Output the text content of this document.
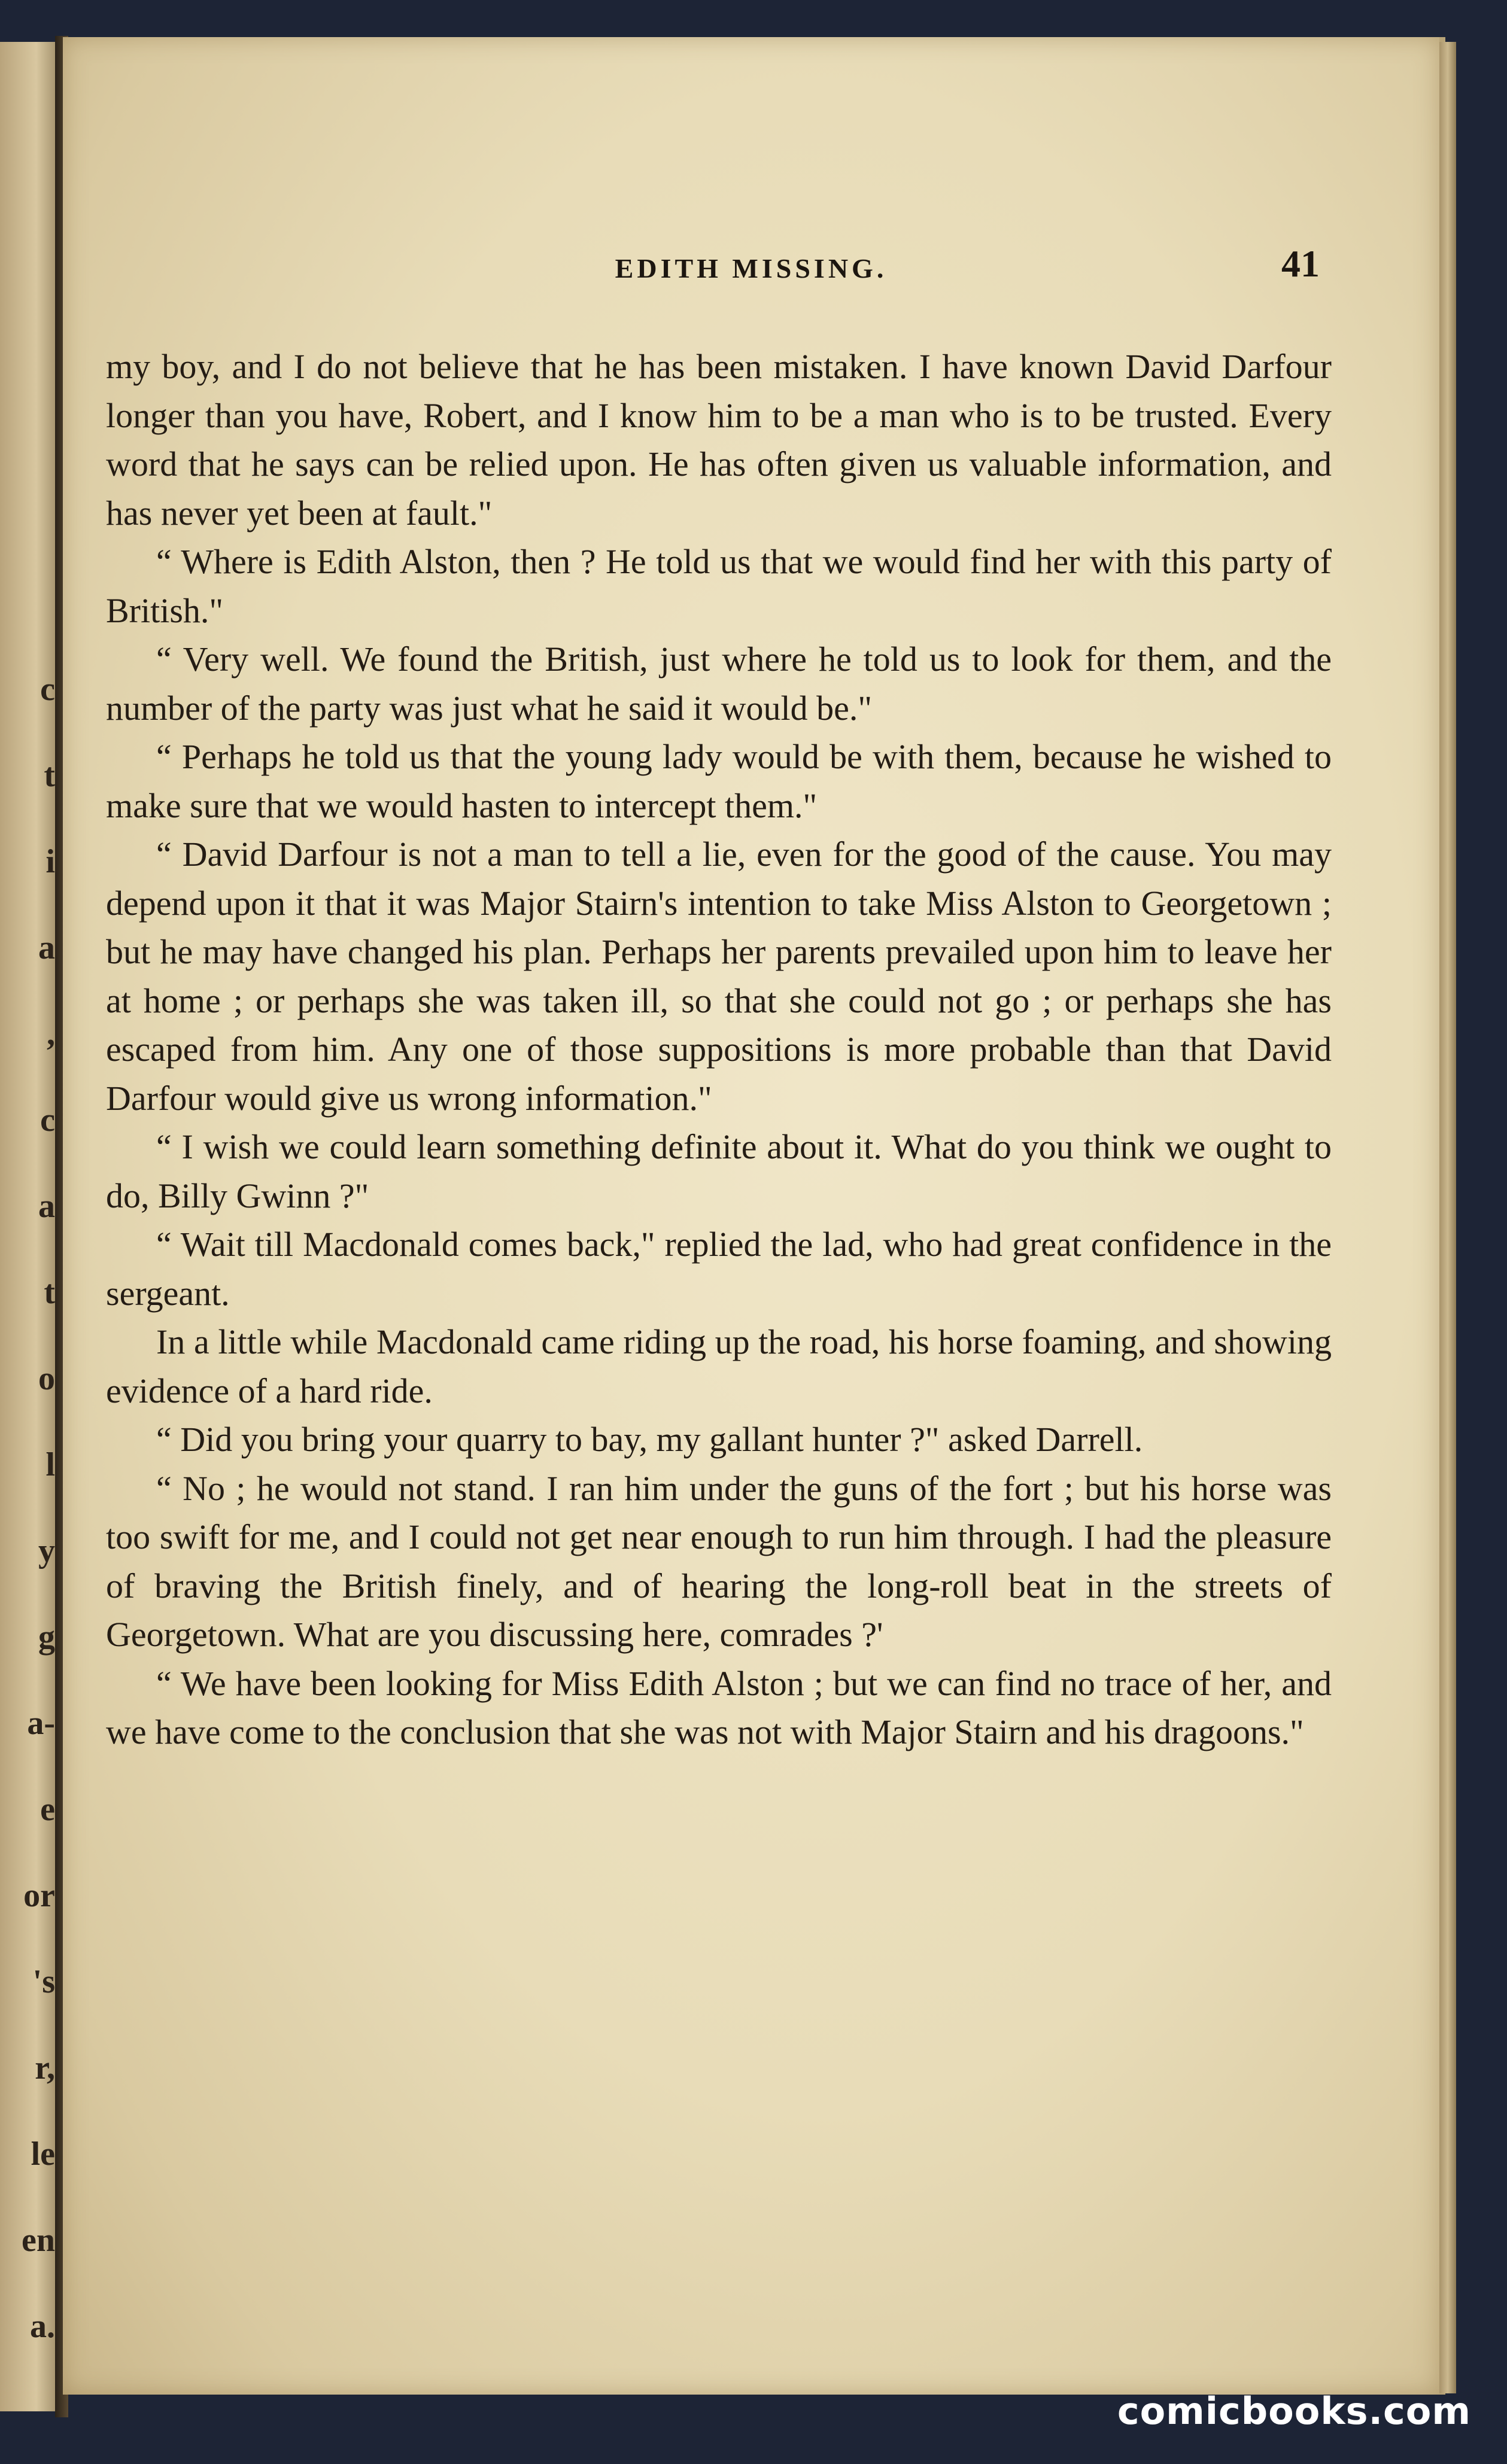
c
t
i
a
,
c
a
t
o
l
y
g
a-
e
or
's
r,
le
en
a.
EDITH MISSING.	41

my boy, and I do not believe that he has been mistaken. I have known David Darfour longer than you have, Robert, and I know him to be a man who is to be trusted. Every word that he says can be relied upon. He has often given us valuable information, and has never yet been at fault."

“ Where is Edith Alston, then ? He told us that we would find her with this party of British."

“ Very well. We found the British, just where he told us to look for them, and the number of the party was just what he said it would be."

“ Perhaps he told us that the young lady would be with them, because he wished to make sure that we would hasten to intercept them."

“ David Darfour is not a man to tell a lie, even for the good of the cause. You may depend upon it that it was Major Stairn's intention to take Miss Alston to Georgetown ; but he may have changed his plan. Perhaps her parents prevailed upon him to leave her at home ; or perhaps she was taken ill, so that she could not go ; or perhaps she has escaped from him. Any one of those suppositions is more probable than that David Darfour would give us wrong information."

“ I wish we could learn something definite about it. What do you think we ought to do, Billy Gwinn ?"

“ Wait till Macdonald comes back," replied the lad, who had great confidence in the sergeant.

In a little while Macdonald came riding up the road, his horse foaming, and showing evidence of a hard ride.

“ Did you bring your quarry to bay, my gallant hunter ?" asked Darrell.

“ No ; he would not stand. I ran him under the guns of the fort ; but his horse was too swift for me, and I could not get near enough to run him through. I had the pleasure of braving the British finely, and of hearing the long-roll beat in the streets of Georgetown. What are you discussing here, comrades ?'

“ We have been looking for Miss Edith Alston ; but we can find no trace of her, and we have come to the conclusion that she was not with Major Stairn and his dragoons."

comicbooks.com
